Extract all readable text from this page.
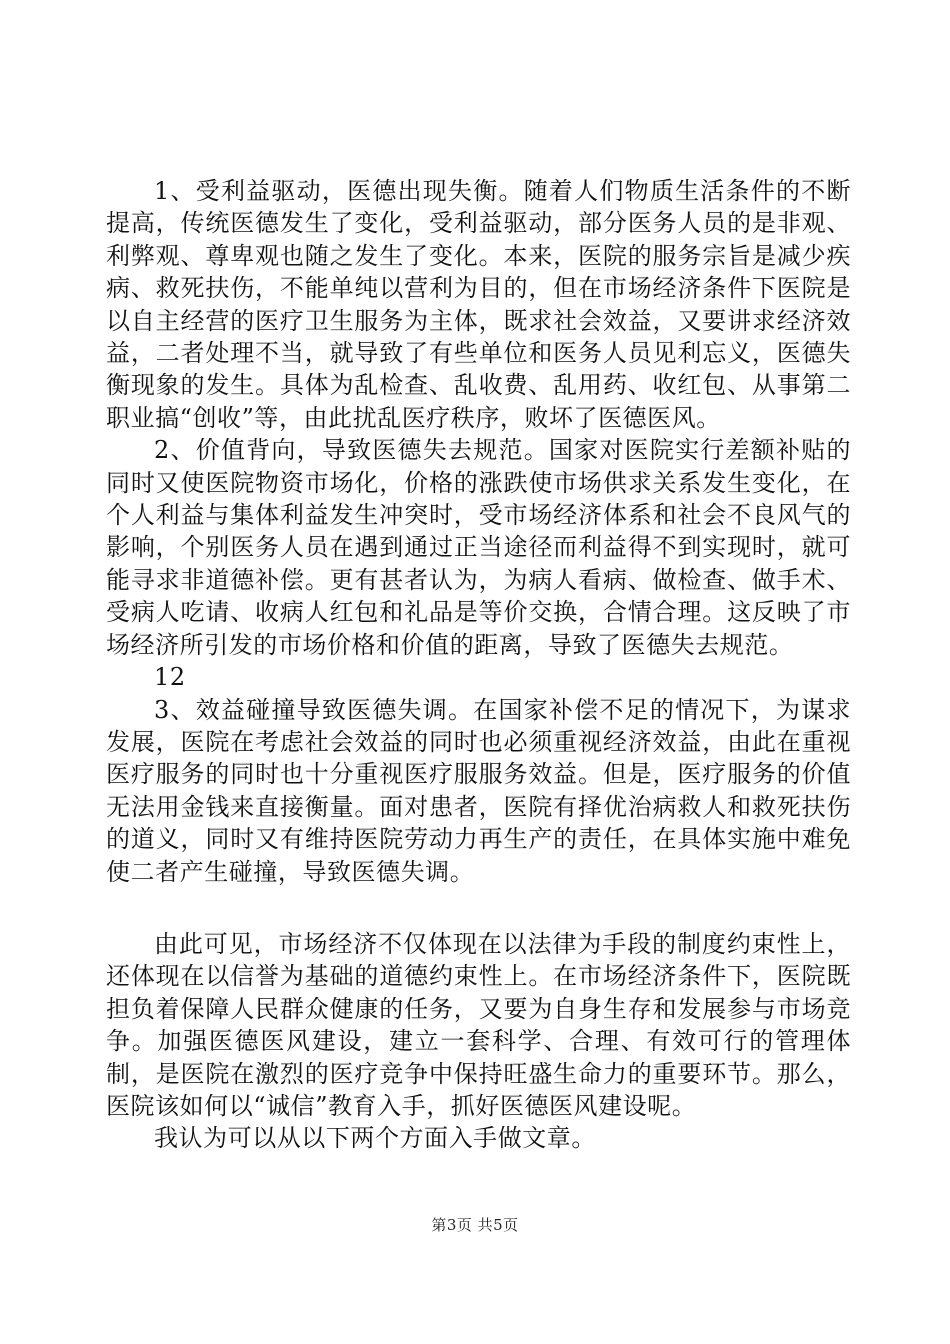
1、受利益驱动，医德出现失衡。随着人们物质生活条件的不断提高，传统医德发生了变化，受利益驱动，部分医务人员的是非观、利弊观、尊卑观也随之发生了变化。本来，医院的服务宗旨是减少疾病、救死扶伤，不能单纯以营利为目的，但在市场经济条件下医院是以自主经营的医疗卫生服务为主体，既求社会效益，又要讲求经济效益，二者处理不当，就导致了有些单位和医务人员见利忘义，医德失衡现象的发生。具体为乱检查、乱收费、乱用药、收红包、从事第二职业搞“创收”等，由此扰乱医疗秩序，败坏了医德医风。

2、价值背向，导致医德失去规范。国家对医院实行差额补贴的同时又使医院物资市场化，价格的涨跌使市场供求关系发生变化，在个人利益与集体利益发生冲突时，受市场经济体系和社会不良风气的影响，个别医务人员在遇到通过正当途径而利益得不到实现时，就可能寻求非道德补偿。更有甚者认为，为病人看病、做检查、做手术、受病人吃请、收病人红包和礼品是等价交换，合情合理。这反映了市场经济所引发的市场价格和价值的距离，导致了医德失去规范。

12

3、效益碰撞导致医德失调。在国家补偿不足的情况下，为谋求发展，医院在考虑社会效益的同时也必须重视经济效益，由此在重视医疗服务的同时也十分重视医疗服服务效益。但是，医疗服务的价值无法用金钱来直接衡量。面对患者，医院有择优治病救人和救死扶伤的道义，同时又有维持医院劳动力再生产的责任，在具体实施中难免使二者产生碰撞，导致医德失调。

由此可见，市场经济不仅体现在以法律为手段的制度约束性上，还体现在以信誉为基础的道德约束性上。在市场经济条件下，医院既担负着保障人民群众健康的任务，又要为自身生存和发展参与市场竞争。加强医德医风建设，建立一套科学、合理、有效可行的管理体制，是医院在激烈的医疗竞争中保持旺盛生命力的重要环节。那么，医院该如何以“诚信”教育入手，抓好医德医风建设呢。

我认为可以从以下两个方面入手做文章。

第3页 共5页
